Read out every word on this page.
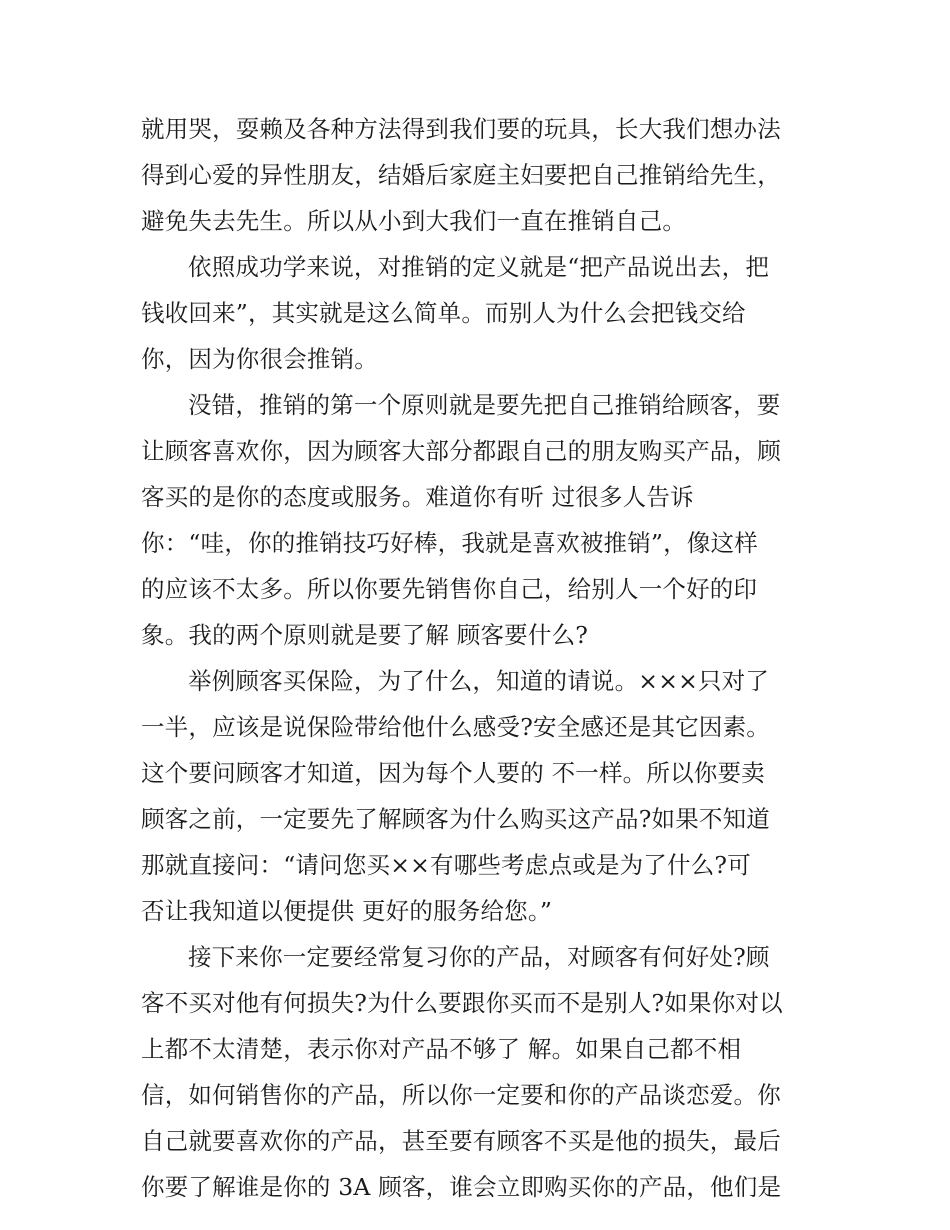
就用哭，耍赖及各种方法得到我们要的玩具，长大我们想办法
得到心爱的异性朋友，结婚后家庭主妇要把自己推销给先生，
避免失去先生。所以从小到大我们一直在推销自己。
依照成功学来说，对推销的定义就是“把产品说出去，把
钱收回来”，其实就是这么简单。而别人为什么会把钱交给
你，因为你很会推销。
没错，推销的第一个原则就是要先把自己推销给顾客，要
让顾客喜欢你，因为顾客大部分都跟自己的朋友购买产品，顾
客买的是你的态度或服务。难道你有听 过很多人告诉
你：“哇，你的推销技巧好棒，我就是喜欢被推销”，像这样
的应该不太多。所以你要先销售你自己，给别人一个好的印
象。我的两个原则就是要了解 顾客要什么?
举例顾客买保险，为了什么，知道的请说。×××只对了
一半，应该是说保险带给他什么感受?安全感还是其它因素。
这个要问顾客才知道，因为每个人要的 不一样。所以你要卖
顾客之前，一定要先了解顾客为什么购买这产品?如果不知道
那就直接问：“请问您买××有哪些考虑点或是为了什么?可
否让我知道以便提供 更好的服务给您。”
接下来你一定要经常复习你的产品，对顾客有何好处?顾
客不买对他有何损失?为什么要跟你买而不是别人?如果你对以
上都不太清楚，表示你对产品不够了 解。如果自己都不相
信，如何销售你的产品，所以你一定要和你的产品谈恋爱。你
自己就要喜欢你的产品，甚至要有顾客不买是他的损失，最后
你要了解谁是你的 3A 顾客，谁会立即购买你的产品，他们是
